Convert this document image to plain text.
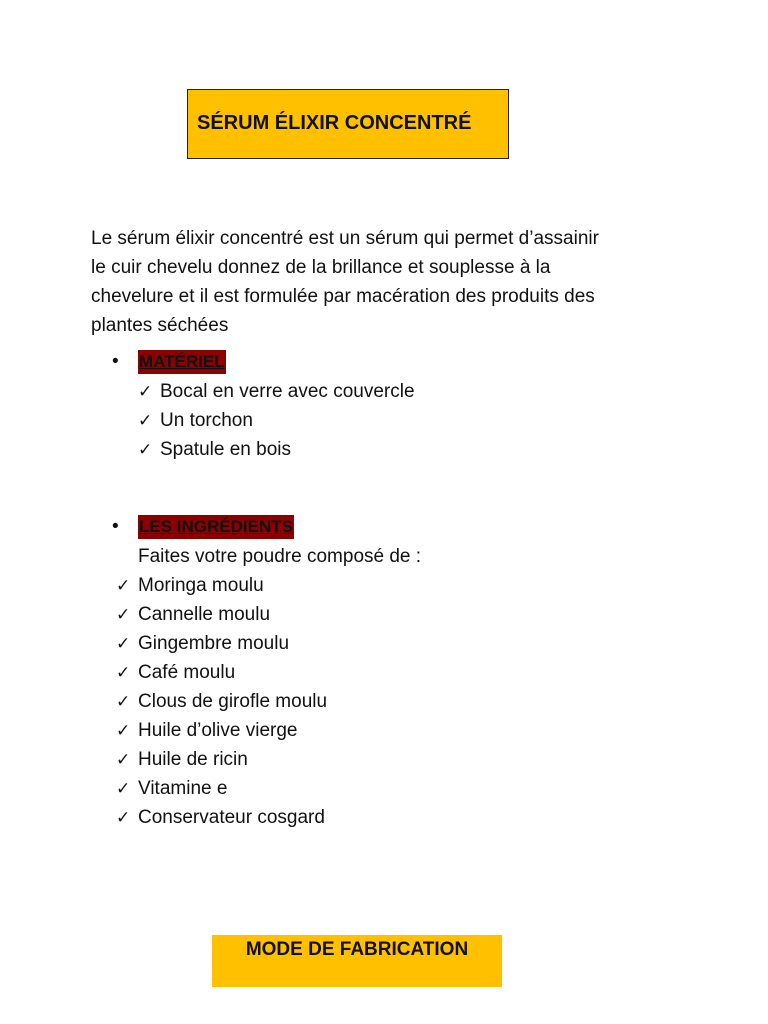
SÉRUM ÉLIXIR CONCENTRÉ

Le sérum élixir concentré est un sérum qui permet d’assainir
le cuir chevelu donnez de la brillance et souplesse à la
chevelure et il est formulée par macération des produits des
plantes séchées

• MATÉRIEL
✓ Bocal en verre avec couvercle
✓ Un torchon
✓ Spatule en bois
• LES INGRÉDIENTS
Faites votre poudre composé de :
✓ Moringa moulu
✓ Cannelle moulu
✓ Gingembre moulu
✓ Café moulu
✓ Clous de girofle moulu
✓ Huile d’olive vierge
✓ Huile de ricin
✓ Vitamine e
✓ Conservateur cosgard
MODE DE FABRICATION
